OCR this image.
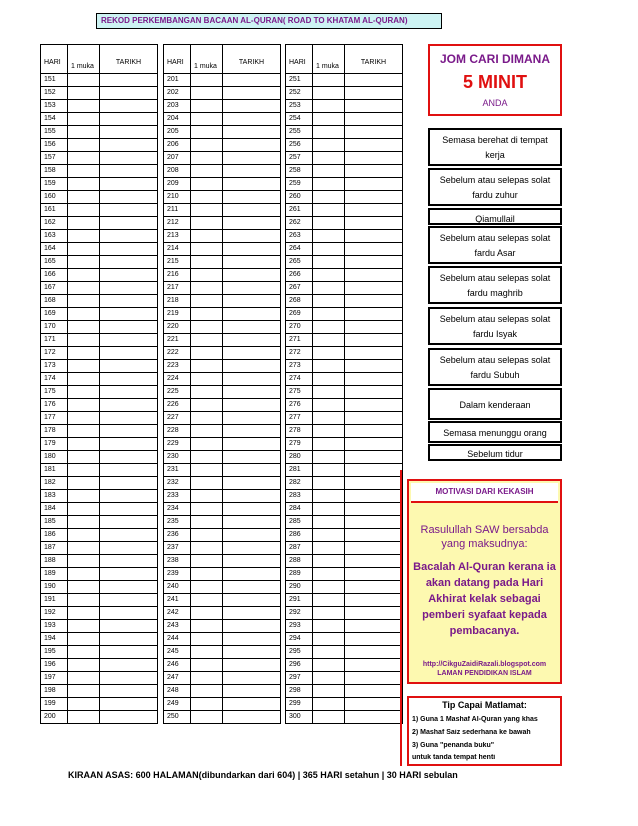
REKOD PERKEMBANGAN BACAAN AL-QURAN( ROAD TO KHATAM AL-QURAN)
HARI	1 muka	TARIKH
151		
152		
153		
154		
155		
156		
157		
158		
159		
160		
161		
162		
163		
164		
165		
166		
167		
168		
169		
170		
171		
172		
173		
174		
175		
176		
177		
178		
179		
180		
181		
182		
183		
184		
185		
186		
187		
188		
189		
190		
191		
192		
193		
194		
195		
196		
197		
198		
199		
200		
HARI	1 muka	TARIKH
201		
202		
203		
204		
205		
206		
207		
208		
209		
210		
211		
212		
213		
214		
215		
216		
217		
218		
219		
220		
221		
222		
223		
224		
225		
226		
227		
228		
229		
230		
231		
232		
233		
234		
235		
236		
237		
238		
239		
240		
241		
242		
243		
244		
245		
246		
247		
248		
249		
250		
HARI	1 muka	TARIKH
251		
252		
253		
254		
255		
256		
257		
258		
259		
260		
261		
262		
263		
264		
265		
266		
267		
268		
269		
270		
271		
272		
273		
274		
275		
276		
277		
278		
279		
280		
281		
282		
283		
284		
285		
286		
287		
288		
289		
290		
291		
292		
293		
294		
295		
296		
297		
298		
299		
300		
JOM CARI DIMANA
5 MINIT
ANDA
Semasa berehat di tempat kerja
Sebelum atau selepas solat fardu zuhur
Qiamullail
Sebelum atau selepas solat fardu Asar
Sebelum atau selepas solat fardu maghrib
Sebelum atau selepas solat fardu Isyak
Sebelum atau selepas solat fardu Subuh
Dalam kenderaan
Semasa menunggu orang
Sebelum tidur
MOTIVASI DARI KEKASIH
Rasulullah SAW bersabda yang maksudnya:
Bacalah Al-Quran kerana ia akan datang pada Hari Akhirat kelak sebagai pemberi syafaat kepada pembacanya.
http://CikguZaidiRazali.blogspot.com
LAMAN PENDIDIKAN ISLAM
Tip Capai Matlamat:
1) Guna 1 Mashaf Al-Quran yang khas
2) Mashaf Saiz sederhana ke bawah
3) Guna "penanda buku"
untuk tanda tempat henti
KIRAAN ASAS: 600 HALAMAN(dibundarkan dari 604) | 365 HARI setahun | 30 HARI sebulan
